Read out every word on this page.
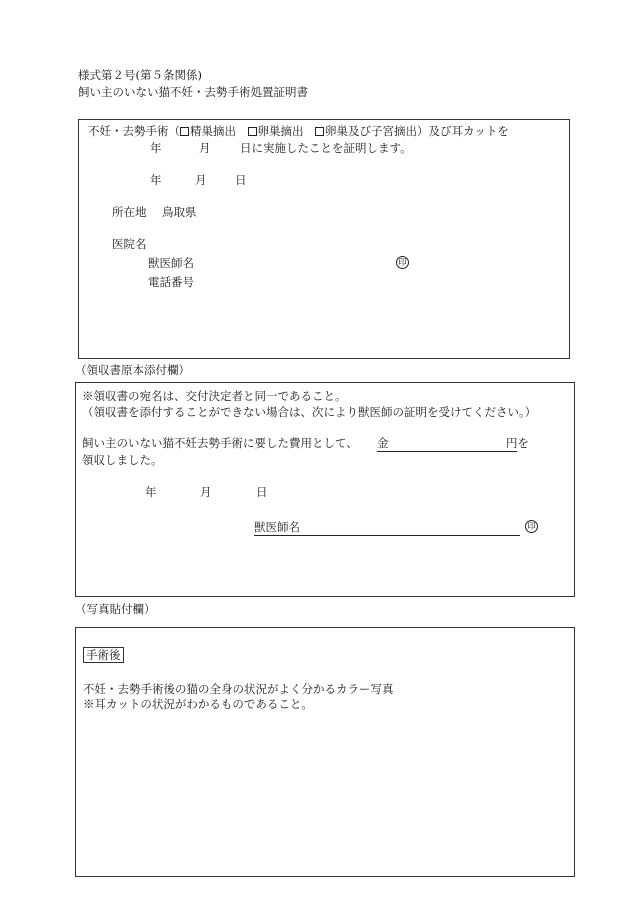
様式第２号(第５条関係)
飼い主のいない猫不妊・去勢手術処置証明書
不妊・去勢手術（ 精巣摘出　 卵巣摘出　 卵巣及び子宮摘出）及び耳カットを
年	月	日に実施したことを証明します。
年	月 日
所在地 鳥取県
医院名
獣医師名	印
電話番号
（領収書原本添付欄）
※領収書の宛名は、交付決定者と同一であること。
（領収書を添付することができない場合は、次により獣医師の証明を受けてください。）
飼い主のいない猫不妊去勢手術に要した費用として、 金	円を
領収しました。
年	月	日
獣医師名	印
（写真貼付欄）
手術後
不妊・去勢手術後の猫の全身の状況がよく分かるカラー写真
※耳カットの状況がわかるものであること。
